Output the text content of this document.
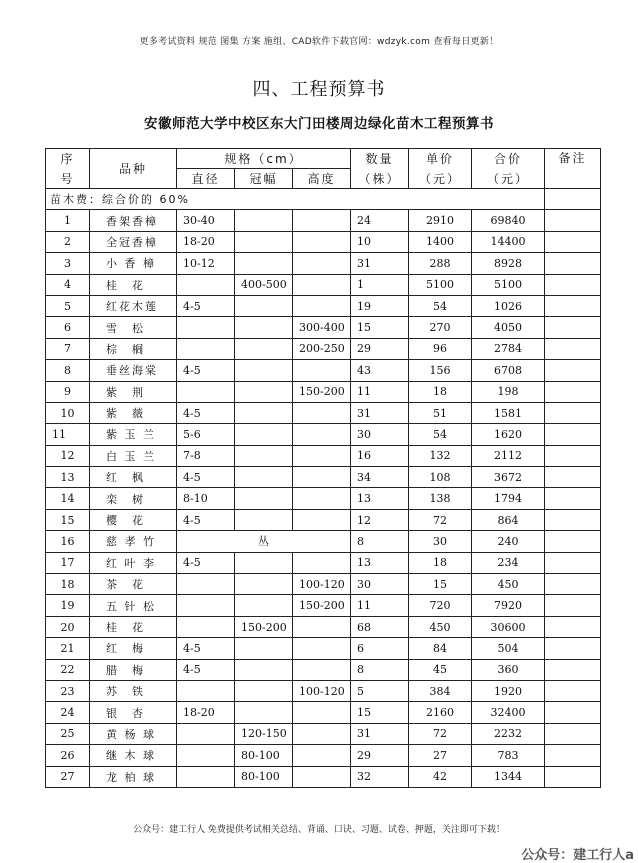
更多考试资料 规范 图集 方案 施组、CAD软件下载官网：wdzyk.com 查看每日更新！
四、工程预算书
安徽师范大学中校区东大门田楼周边绿化苗木工程预算书
序	品种	规格（cm）			数量	单价	合价	备注
号		直径	冠幅	高度	（株）	（元）	（元）	
苗木费：综合价的 60%								
1	香架香樟	30-40			24	2910	69840	
2	全冠香樟	18-20			10	1400	14400	
3	小 香 樟	10-12			31	288	8928	
4	桂　花		400-500		1	5100	5100	
5	红花木莲	4-5			19	54	1026	
6	雪　松			300-400	15	270	4050	
7	棕　榈			200-250	29	96	2784	
8	垂丝海棠	4-5			43	156	6708	
9	紫　荆			150-200	11	18	198	
10	紫　薇	4-5			31	51	1581	
11	紫 玉 兰	5-6			30	54	1620	
12	白 玉 兰	7-8			16	132	2112	
13	红　枫	4-5			34	108	3672	
14	栾　树	8-10			13	138	1794	
15	樱　花	4-5			12	72	864	
16	慈 孝 竹	丛			8	30	240	
17	红 叶 李	4-5			13	18	234	
18	茶　花			100-120	30	15	450	
19	五 针 松			150-200	11	720	7920	
20	桂　花		150-200		68	450	30600	
21	红　梅	4-5			6	84	504	
22	腊　梅	4-5			8	45	360	
23	苏　铁			100-120	5	384	1920	
24	银　杏	18-20			15	2160	32400	
25	黄 杨 球		120-150		31	72	2232	
26	继 木 球		80-100		29	27	783	
27	龙 柏 球		80-100		32	42	1344	
公众号：建工行人 免费提供考试相关总结、背诵、口诀、习题、试卷、押题，关注即可下载！
公众号：建工行人a
